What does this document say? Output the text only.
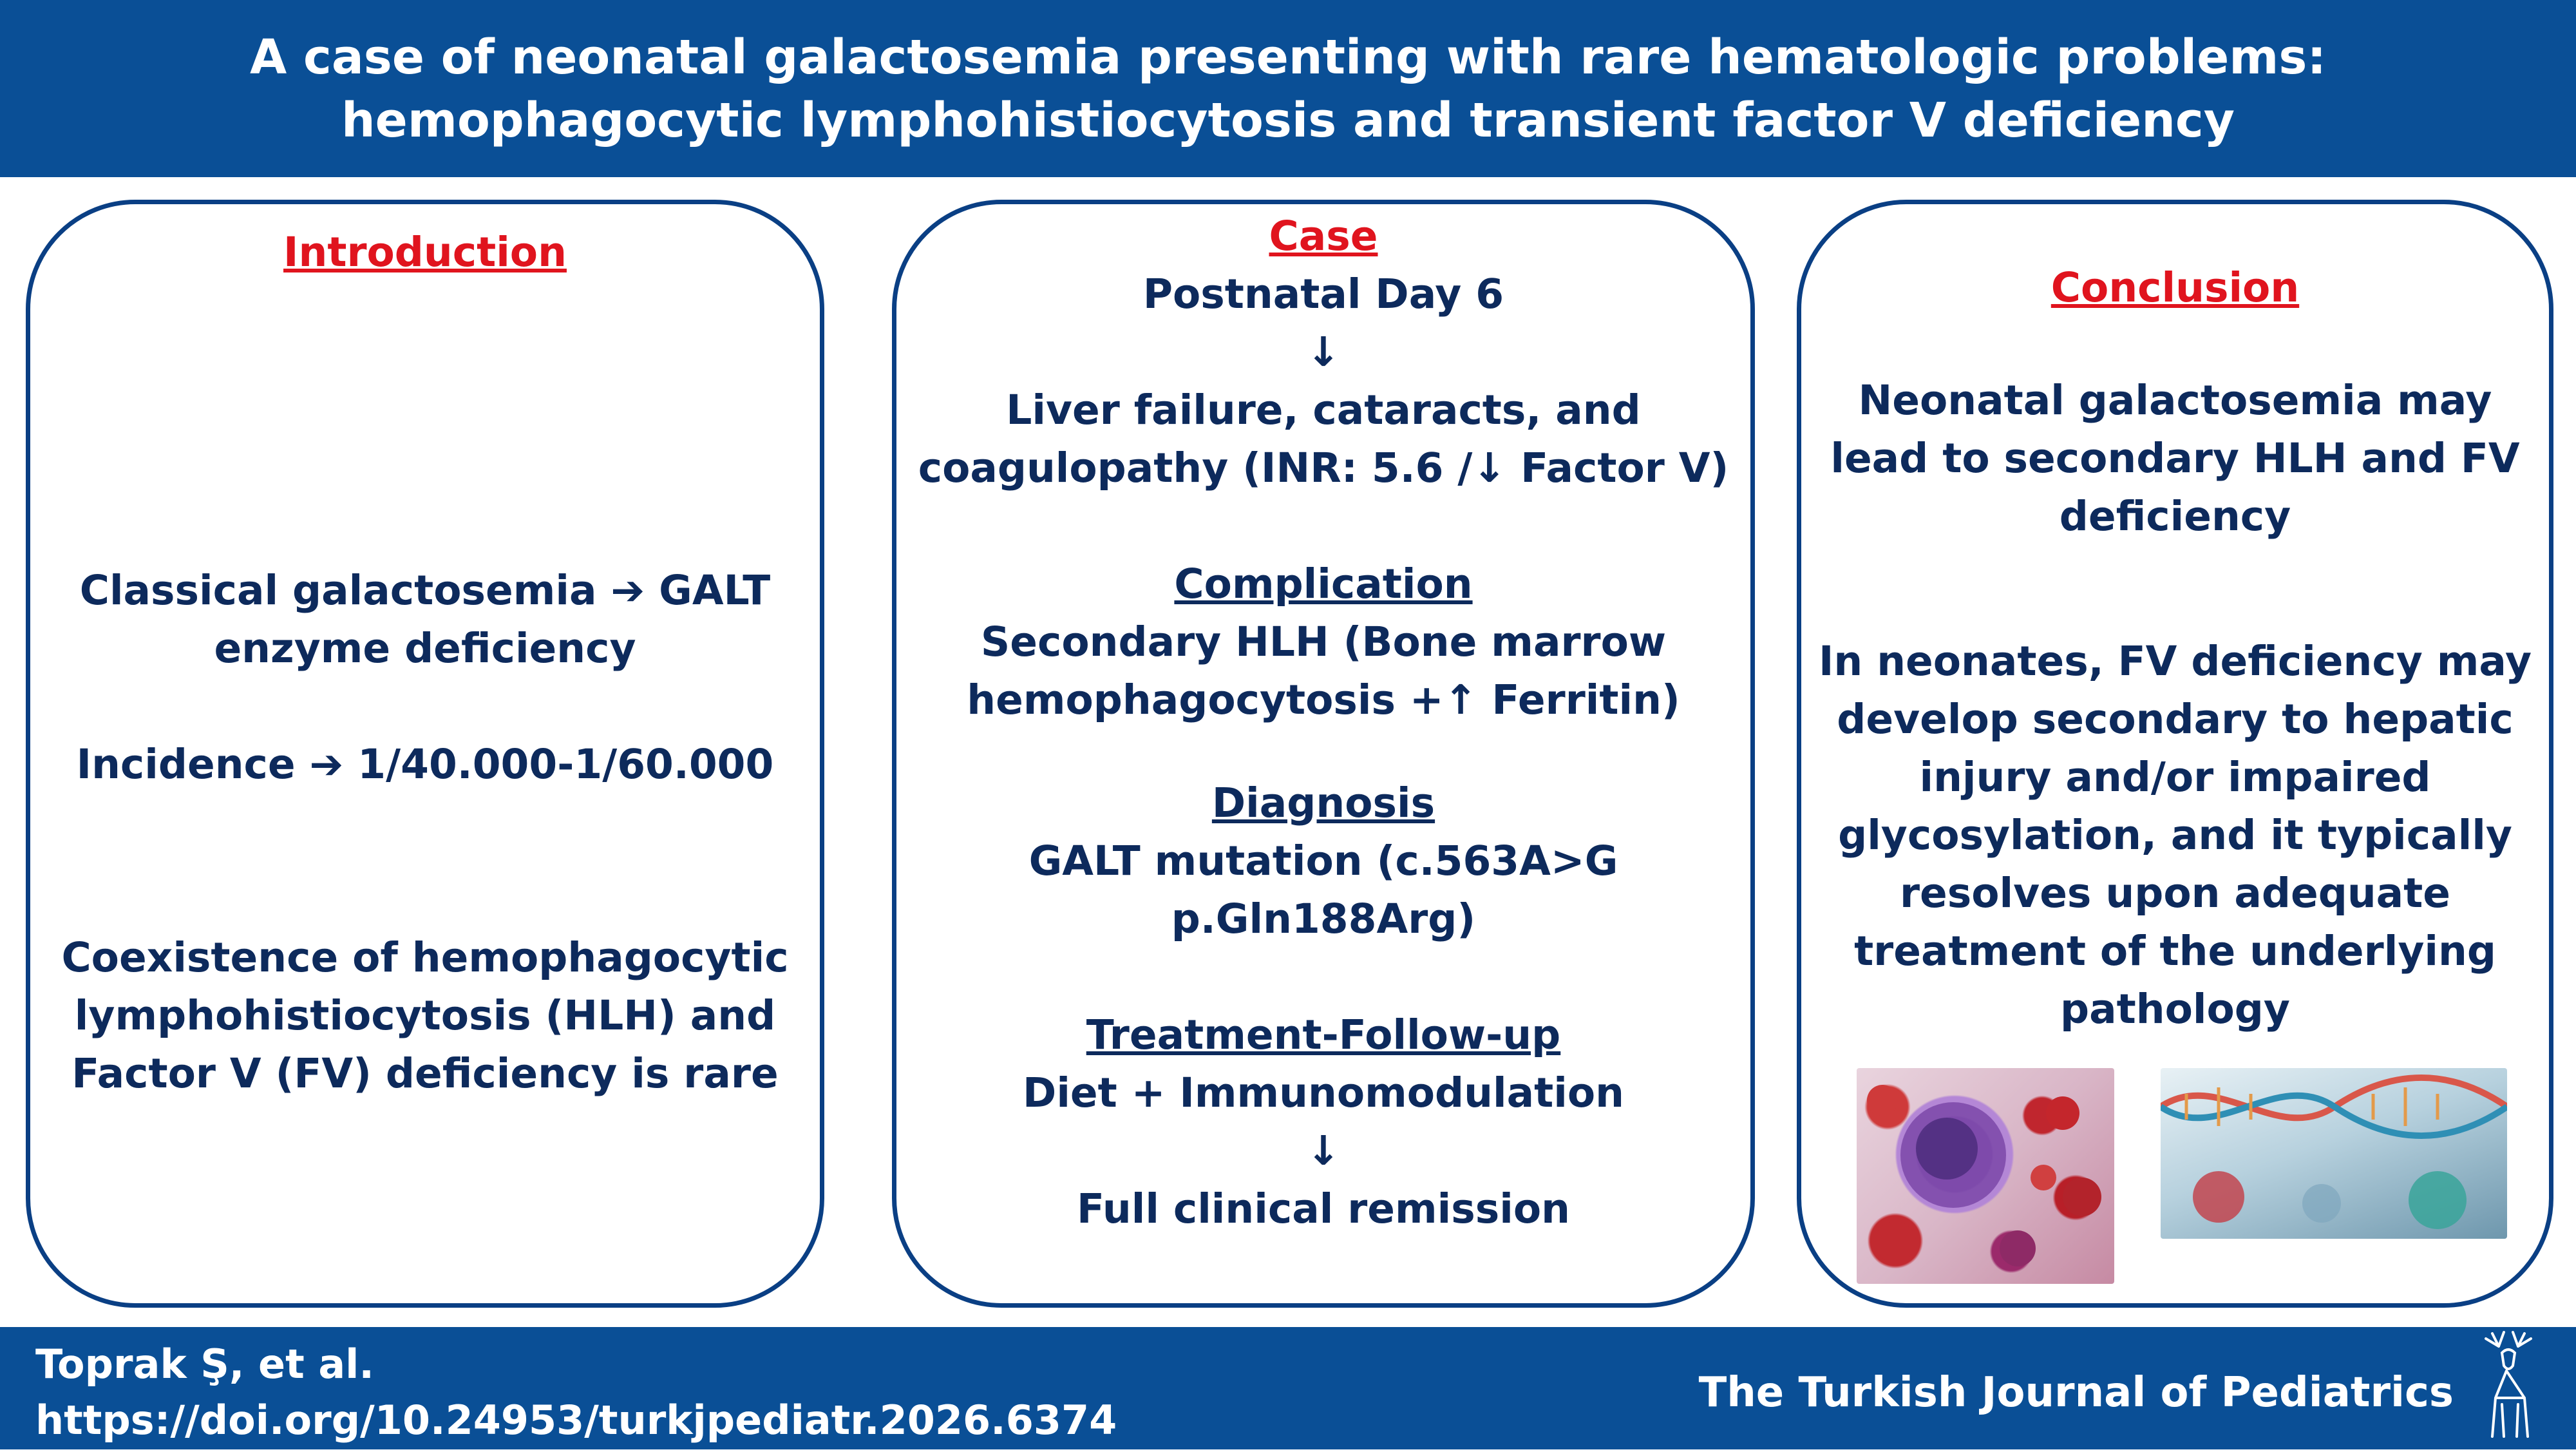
A case of neonatal galactosemia presenting with rare hematologic problems:
hemophagocytic lymphohistiocytosis and transient factor V deficiency
Introduction
Classical galactosemia ➔ GALT
enzyme deficiency
Incidence ➔ 1/40.000-1/60.000
Coexistence of hemophagocytic
lymphohistiocytosis (HLH) and
Factor V (FV) deficiency is rare
Case
Postnatal Day 6
↓
Liver failure, cataracts, and
coagulopathy (INR: 5.6 /↓ Factor V)
Complication
Secondary HLH (Bone marrow
hemophagocytosis +↑ Ferritin)
Diagnosis
GALT mutation (c.563A>G
p.Gln188Arg)
Treatment-Follow-up
Diet + Immunomodulation
↓
Full clinical remission
Conclusion
Neonatal galactosemia may
lead to secondary HLH and FV
deficiency
In neonates, FV deficiency may
develop secondary to hepatic
injury and/or impaired
glycosylation, and it typically
resolves upon adequate
treatment of the underlying
pathology
Toprak Ş, et al.
https://doi.org/10.24953/turkjpediatr.2026.6374
The Turkish Journal of Pediatrics
